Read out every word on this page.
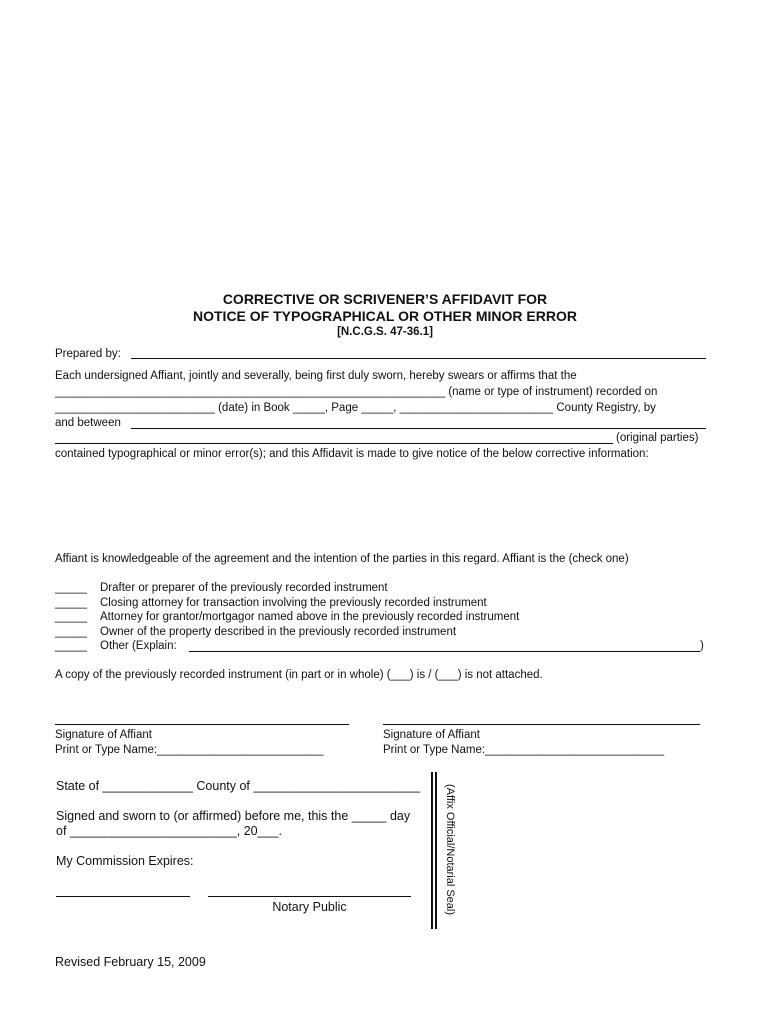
CORRECTIVE OR SCRIVENER’S AFFIDAVIT FOR
NOTICE OF TYPOGRAPHICAL OR OTHER MINOR ERROR
[N.C.G.S. 47-36.1]
Prepared by:
Each undersigned Affiant, jointly and severally, being first duly sworn, hereby swears or affirms that the
_____________________________________________________________ (name or type of instrument) recorded on
_________________________ (date) in Book _____, Page _____, ________________________ County Registry, by
and between
(original parties)
contained typographical or minor error(s); and this Affidavit is made to give notice of the below corrective information:
Affiant is knowledgeable of the agreement and the intention of the parties in this regard. Affiant is the (check one)
_____ Drafter or preparer of the previously recorded instrument
_____ Closing attorney for transaction involving the previously recorded instrument
_____ Attorney for grantor/mortgagor named above in the previously recorded instrument
_____ Owner of the property described in the previously recorded instrument
_____ Other (Explain:	)
A copy of the previously recorded instrument (in part or in whole) (___) is / (___) is not attached.
Signature of Affiant
Print or Type Name:__________________________
Signature of Affiant
Print or Type Name:____________________________
State of _____________ County of ________________________
Signed and sworn to (or affirmed) before me, this the _____ day
of ________________________, 20___.
My Commission Expires:
Notary Public	(Affix Official/Notarial Seal)
Revised February 15, 2009
